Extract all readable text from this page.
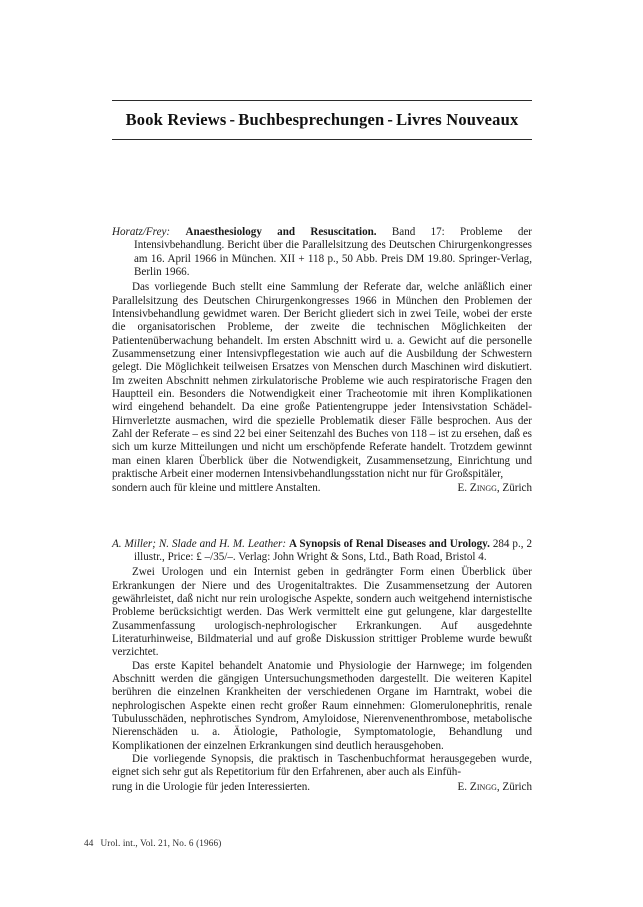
Book Reviews - Buchbesprechungen - Livres Nouveaux
Horatz/Frey: Anaesthesiology and Resuscitation. Band 17: Probleme der Intensivbehandlung. Bericht über die Parallelsitzung des Deutschen Chirurgenkongresses am 16. April 1966 in München. XII + 118 p., 50 Abb. Preis DM 19.80. Springer-Verlag, Berlin 1966.

Das vorliegende Buch stellt eine Sammlung der Referate dar, welche anläßlich einer Parallelsitzung des Deutschen Chirurgenkongresses 1966 in München den Problemen der Intensivbehandlung gewidmet waren. Der Bericht gliedert sich in zwei Teile, wobei der erste die organisatorischen Probleme, der zweite die technischen Möglichkeiten der Patientenüberwachung behandelt. Im ersten Abschnitt wird u. a. Gewicht auf die personelle Zusammensetzung einer Intensivpflegestation wie auch auf die Ausbildung der Schwestern gelegt. Die Möglichkeit teilweisen Ersatzes von Menschen durch Maschinen wird diskutiert. Im zweiten Abschnitt nehmen zirkulatorische Probleme wie auch respiratorische Fragen den Hauptteil ein. Besonders die Notwendigkeit einer Tracheotomie mit ihren Komplikationen wird eingehend behandelt. Da eine große Patientengruppe jeder Intensivstation Schädel-Hirnverletzte ausmachen, wird die spezielle Problematik dieser Fälle besprochen. Aus der Zahl der Referate – es sind 22 bei einer Seitenzahl des Buches von 118 – ist zu ersehen, daß es sich um kurze Mitteilungen und nicht um erschöpfende Referate handelt. Trotzdem gewinnt man einen klaren Überblick über die Notwendigkeit, Zusammensetzung, Einrichtung und praktische Arbeit einer modernen Intensivbehandlungsstation nicht nur für Großspitäler,

sondern auch für kleine und mittlere Anstalten.	E. Zingg, Zürich
A. Miller; N. Slade and H. M. Leather: A Synopsis of Renal Diseases and Urology. 284 p., 2 illustr., Price: £ –/35/–. Verlag: John Wright & Sons, Ltd., Bath Road, Bristol 4.

Zwei Urologen und ein Internist geben in gedrängter Form einen Überblick über Erkrankungen der Niere und des Urogenitaltraktes. Die Zusammensetzung der Autoren gewährleistet, daß nicht nur rein urologische Aspekte, sondern auch weitgehend internistische Probleme berücksichtigt werden. Das Werk vermittelt eine gut gelungene, klar dargestellte Zusammenfassung urologisch-nephrologischer Erkrankungen. Auf ausgedehnte Literaturhinweise, Bildmaterial und auf große Diskussion strittiger Probleme wurde bewußt verzichtet.

Das erste Kapitel behandelt Anatomie und Physiologie der Harnwege; im folgenden Abschnitt werden die gängigen Untersuchungsmethoden dargestellt. Die weiteren Kapitel berühren die einzelnen Krankheiten der verschiedenen Organe im Harntrakt, wobei die nephrologischen Aspekte einen recht großer Raum einnehmen: Glomerulonephritis, renale Tubulusschäden, nephrotisches Syndrom, Amyloidose, Nierenvenenthrombose, metabolische Nierenschäden u. a. Ätiologie, Pathologie, Symptomatologie, Behandlung und Komplikationen der einzelnen Erkrankungen sind deutlich herausgehoben.

Die vorliegende Synopsis, die praktisch in Taschenbuchformat herausgegeben wurde, eignet sich sehr gut als Repetitorium für den Erfahrenen, aber auch als Einfüh-

rung in die Urologie für jeden Interessierten.	E. Zingg, Zürich
44 Urol. int., Vol. 21, No. 6 (1966)
